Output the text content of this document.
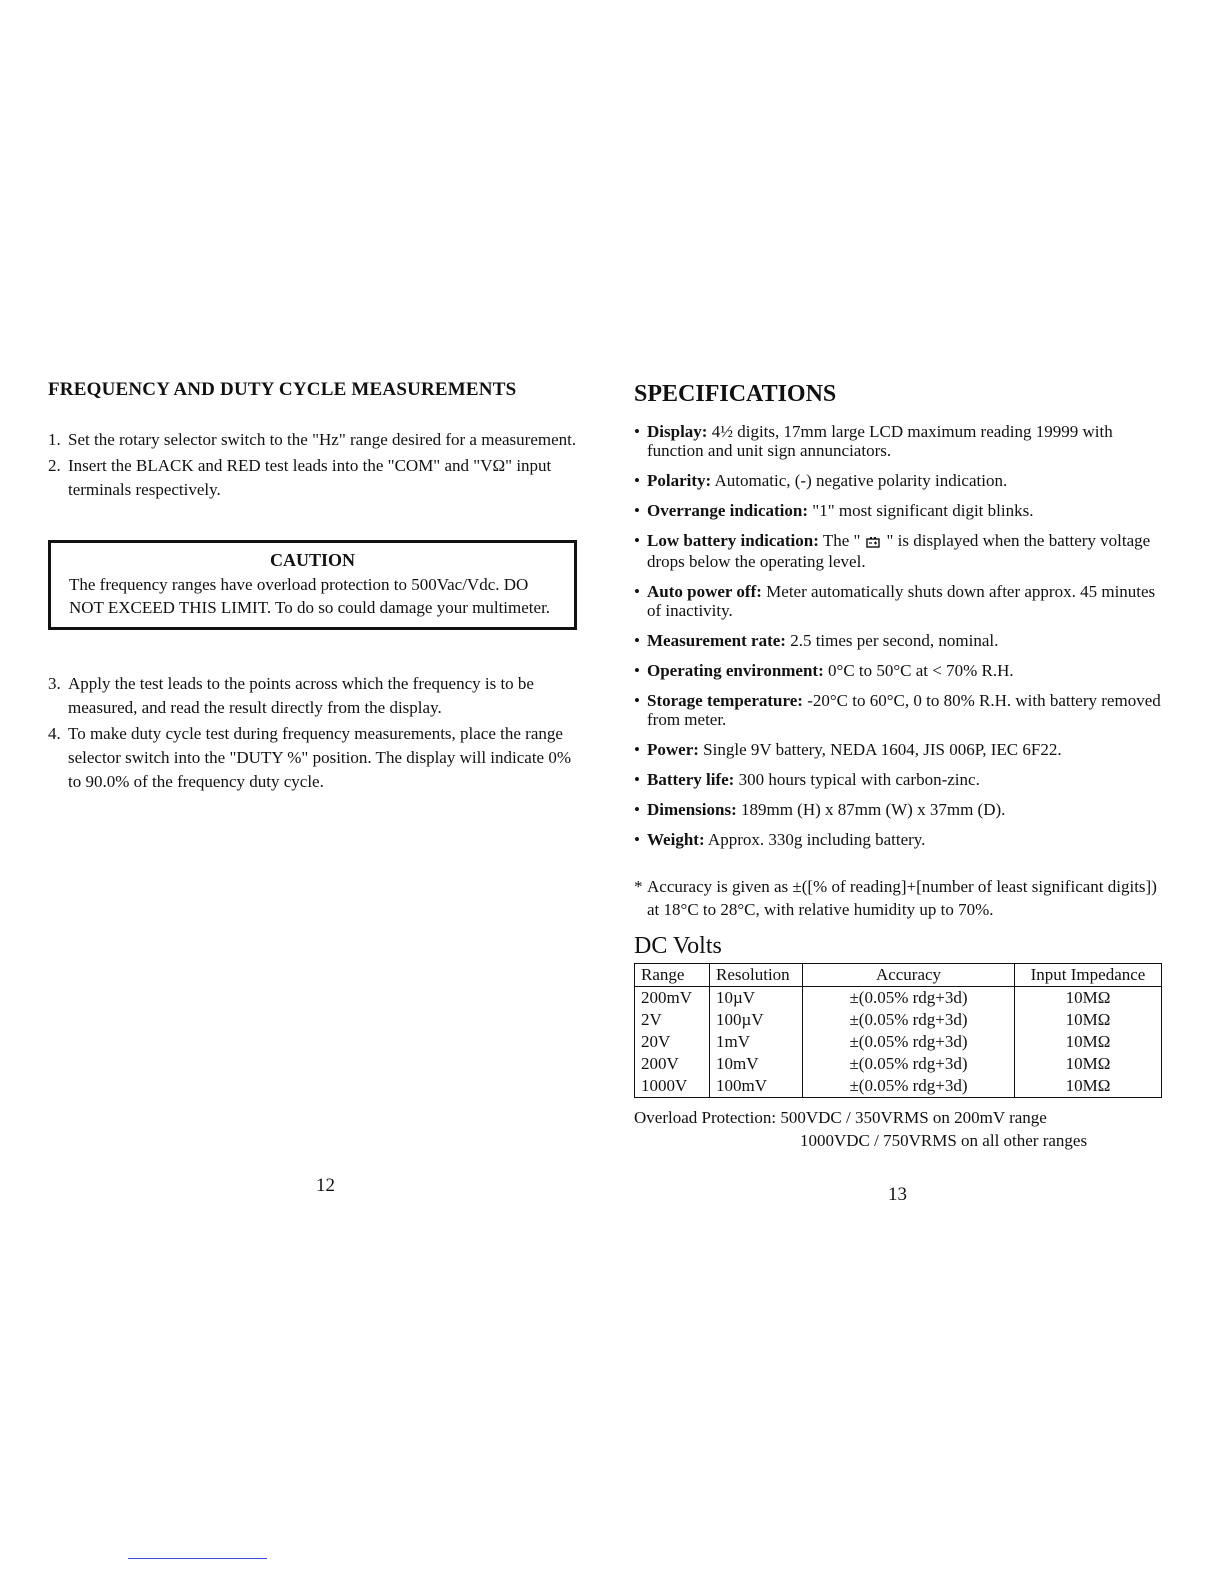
FREQUENCY AND DUTY CYCLE MEASUREMENTS
1. Set the rotary selector switch to the "Hz" range desired for a measurement.
2. Insert the BLACK and RED test leads into the "COM" and "VΩ" input terminals respectively.
CAUTION
The frequency ranges have overload protection to 500Vac/Vdc. DO NOT EXCEED THIS LIMIT. To do so could damage your multimeter.
3. Apply the test leads to the points across which the frequency is to be measured, and read the result directly from the display.
4. To make duty cycle test during frequency measurements, place the range selector switch into the "DUTY %" position. The display will indicate 0% to 90.0% of the frequency duty cycle.
12
SPECIFICATIONS
• Display: 4½ digits, 17mm large LCD maximum reading 19999 with function and unit sign annunciators.
• Polarity: Automatic, (-) negative polarity indication.
• Overrange indication: "1" most significant digit blinks.
• Low battery indication: The " " is displayed when the battery voltage drops below the operating level.
• Auto power off: Meter automatically shuts down after approx. 45 minutes of inactivity.
• Measurement rate: 2.5 times per second, nominal.
• Operating environment: 0°C to 50°C at < 70% R.H.
• Storage temperature: -20°C to 60°C, 0 to 80% R.H. with battery removed from meter.
• Power: Single 9V battery, NEDA 1604, JIS 006P, IEC 6F22.
• Battery life: 300 hours typical with carbon-zinc.
• Dimensions: 189mm (H) x 87mm (W) x 37mm (D).
• Weight: Approx. 330g including battery.
* Accuracy is given as ±([% of reading]+[number of least significant digits]) at 18°C to 28°C, with relative humidity up to 70%.
DC Volts
Range	Resolution	Accuracy	Input Impedance
200mV	10µV	±(0.05% rdg+3d)	10MΩ
2V	100µV	±(0.05% rdg+3d)	10MΩ
20V	1mV	±(0.05% rdg+3d)	10MΩ
200V	10mV	±(0.05% rdg+3d)	10MΩ
1000V	100mV	±(0.05% rdg+3d)	10MΩ
Overload Protection: 500VDC / 350VRMS on 200mV range
1000VDC / 750VRMS on all other ranges
13
